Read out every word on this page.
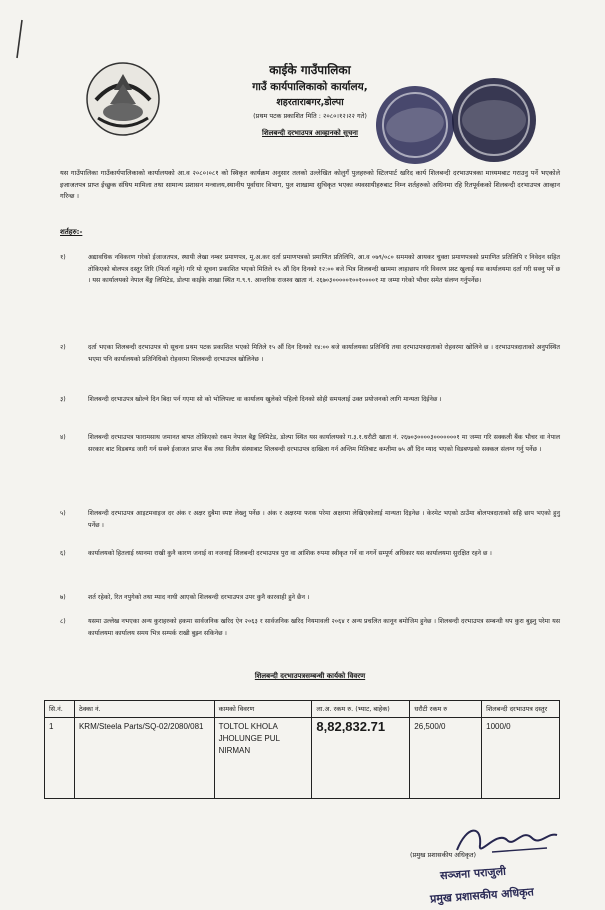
काईके गाउँपालिका
गाउँ कार्यपालिकाको कार्यालय,
शहरताराबगर,डोल्पा
(प्रथम पटक प्रकाशित मिति : २०८०।१२।२२ गते)
शिलबन्दी दरभाउपत्र आव्हानको सूचना
यस गाउँपालिका गाउँकार्यपालिकाको कार्यालयको आ.व २०८०।०८१ को स्विकृत कार्यक्रम अनुसार तलको उल्लेखित कोलुगँ पुलहरुको स्टिलपार्ट खरिद कार्य शिलबन्दी दरभाउपत्रका माध्यमबाट गराउनु पर्ने भएकोले इजाजतपत्र प्राप्त ईच्छुक संघिय मामिला तथा सामान्य प्रशासन मन्त्रालय,स्थानीय पूर्वाधार विभाग, पुल शाखामा सुचिकृत भएका व्यवसायीहरुबाट निम्न शर्तहरुको अधिनमा रहि रितपूर्वकको शिलबन्दी दरभाउपत्र आव्हान गरिन्छ ।
शर्तहरु:-
१)	अद्यावधिक नविकरण गरेको ईजाजतपत्र, स्थायी लेखा नम्बर प्रमाणपत्र, मू.अ.कर दर्ता प्रमाणपत्रको प्रमाणित प्रतिलिपि, आ.व ०७९/०८० सममको आयकर चुक्ता प्रमाणपत्रको प्रमाणित प्रतिलिपि र निवेदन सहित तोकिएको बोलपत्र दस्तुर तिरि (फिर्ता नहुने) गरि यो सूचना प्रकाशित भएको मितिले १५ औं दिन दिनको १२:०० बजे भित्र शिलबन्दी खाममा लाहाछाप गरि विवरण प्रस्ट खुलाई यस कार्यालयमा दर्ता गरी सक्नु पर्ने छ । यस कार्यालयको नेपाल बैंङ्ग लिमिटेड, डोल्पा काईके शाखा स्थित ग.९.९. आन्तरिक राजश्व खाता नं. २६७०३०००००१००१००००१ मा जम्मा गरेको भौचर समेत संलग्न गर्नुपर्नेछ।
२)	दर्ता भएका शिलबन्दी दरभाउपत्र यो सूचना प्रथम पटक प्रकाशित भएको मितिले १५ औं दिन दिनको १४:०० बजे कार्यालयका प्रतिनिधि तथा दरभाउपत्रदाताको रोहवरमा खोलिने छ । दरभाउपत्रदाताको अनुपस्थित भएमा पनि कार्यालयको प्रतिनिधिको रोहवरमा शिलबन्दी दरभाउपत्र खोलिनेछ ।
३)	शिलबन्दी दरभाउपत्र खोल्ने दिन बिदा पर्न गएमा सो को भोलिपल्ट वा कार्यालय खुलेको पहिलो दिनको सोही समयलाई उक्त प्रयोजनको लागि मान्यता दिईनेछ ।
४)	शिलबन्दी दरभाउपत्र फारामसाथ जमानत बापत तोकिएको रकम नेपाल बैङ्क लिमिटेड, डोल्पा स्थित यस कार्यालयको ग.३.१.धरौटी खाता नं. २६७०३००००३०००००००१ मा जम्मा गरि सक्कली बैंक भौचर वा नेपाल सरकार बाट विडबण्ड जारी गर्न सक्ने ईजाजत प्राप्त बैंक तथा वितीय संस्थाबाट शिलबन्दी दरभाउपत्र दाखिला गर्न अन्तिम मितिबाट कम्तीमा ७५ औं दिन म्याद भएको विडबण्डको सक्कल संलग्न गर्नु पर्नेछ ।
५)	शिलबन्दी दरभाउपत्र आइटमवाइज दर अंक र अक्षर दुबैमा स्पष्ट लेख्नु पर्नेछ । अंक र अक्षरमा फरक परेमा अक्षरमा लेखिएकोलाई मान्यता दिइनेछ । केरमेट भएको ठाउँमा बोलपत्रदाताको सहि छाप भएको हुनु पर्नेछ ।
६)	कार्यालयको हितलाई ध्यानमा राखी कुनै कारण जनाई वा नजनाई शिलबन्दी दरभाउपत्र पुरा वा आंशिक रुपमा स्वीकृत गर्ने वा नगर्ने सम्पूर्ण अधिकार यस कार्यालयमा सुरक्षित रहने छ ।
७)	शर्त रहेको, रित नपुगेको तथा म्याद नाघी आएको शिलबन्दी दरभाउपत्र उपर कुनै कारवाही हुने छैन ।
८)	यसमा उल्लेख नभएका अन्य कुराहरुको हकमा सार्वजनिक खरिद ऐन २०६३ र सार्वजनिक खरिद नियमावली २०६४ र अन्य प्रचलित कानून बमोजिम हुनेछ । शिलबन्दी दरभाउपत्र सम्बन्धी थप कुरा बुझ्नु परेमा यस कार्यालयमा कार्यालय समय भित्र सम्पर्क राखी बुझ्न सकिनेछ ।
शिलबन्दी दरभाउपत्रसम्बन्धी कार्यको विवरण
सि.नं.	ठेक्का नं.	कामको विवरण	ला.अ. रकम रु. (भ्याट, बाहेक)	धरौटी रकम रु	शिलबन्दी दरभाउपत्र दस्तुर
1	KRM/Steela Parts/SQ-02/2080/081	TOLTOL KHOLA JHOLUNGE PUL NIRMAN	8,82,832.71	26,500/0	1000/0
(प्रमुख प्रशासकीय अधिकृत)
सञ्जना पराजुली
प्रमुख प्रशासकीय अधिकृत
